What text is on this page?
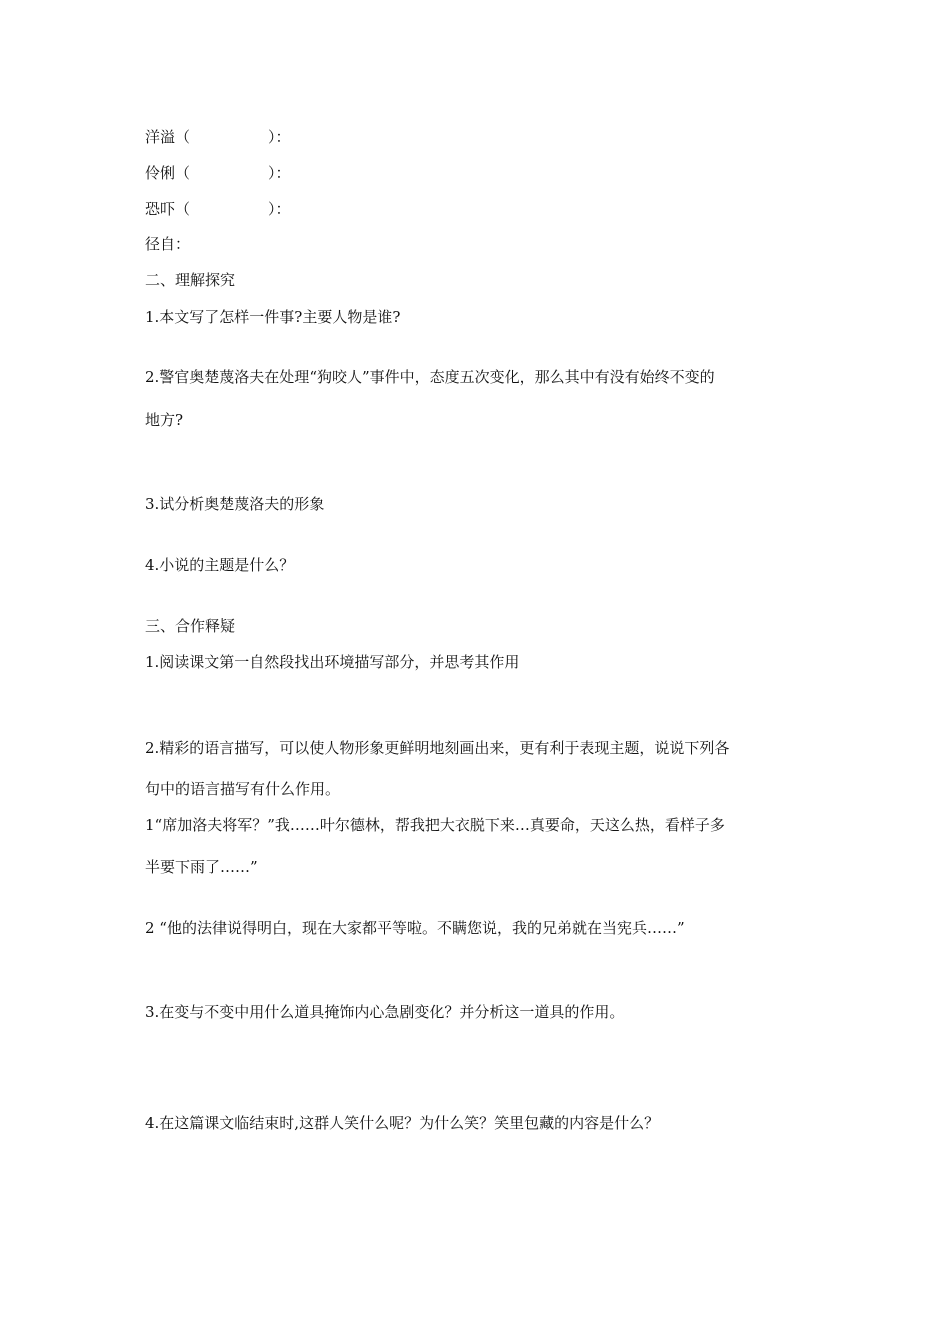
洋溢（	）：
伶俐（	）：
恐吓（	）：
径自：
二、理解探究
1.本文写了怎样一件事?主要人物是谁?
2.警官奥楚蔑洛夫在处理“狗咬人”事件中，态度五次变化，那么其中有没有始终不变的
地方?
3.试分析奥楚蔑洛夫的形象
4.小说的主题是什么？
三、合作释疑
1.阅读课文第一自然段找出环境描写部分，并思考其作用
2.精彩的语言描写，可以使人物形象更鲜明地刻画出来，更有利于表现主题，说说下列各
句中的语言描写有什么作用。
1“席加洛夫将军？”我……叶尔德林，帮我把大衣脱下来…真要命，天这么热，看样子多
半要下雨了……”
2 “他的法律说得明白，现在大家都平等啦。不瞒您说，我的兄弟就在当宪兵……”
3.在变与不变中用什么道具掩饰内心急剧变化？并分析这一道具的作用。
4.在这篇课文临结束时,这群人笑什么呢？为什么笑？笑里包藏的内容是什么？
